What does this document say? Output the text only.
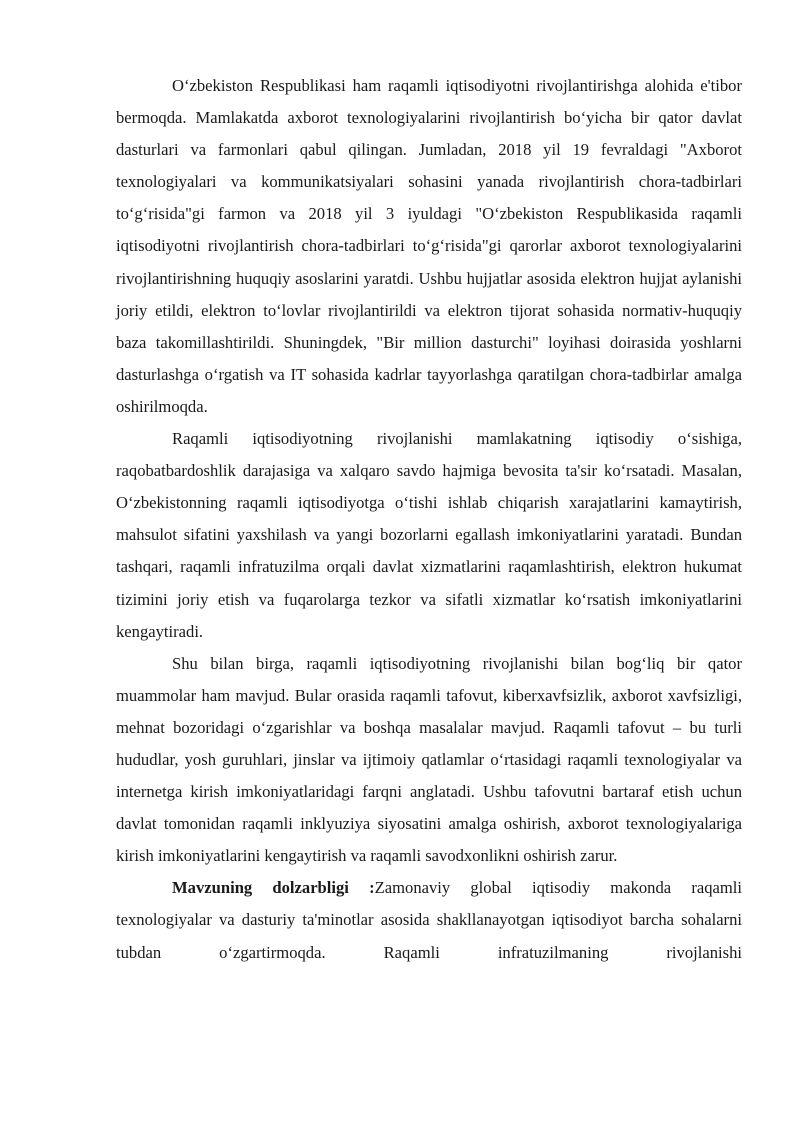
O‘zbekiston Respublikasi ham raqamli iqtisodiyotni rivojlantirishga alohida e'tibor bermoqda. Mamlakatda axborot texnologiyalarini rivojlantirish bo‘yicha bir qator davlat dasturlari va farmonlari qabul qilingan. Jumladan, 2018 yil 19 fevraldagi "Axborot texnologiyalari va kommunikatsiyalari sohasini yanada rivojlantirish chora-tadbirlari to‘g‘risida"gi farmon va 2018 yil 3 iyuldagi "O‘zbekiston Respublikasida raqamli iqtisodiyotni rivojlantirish chora-tadbirlari to‘g‘risida"gi qarorlar axborot texnologiyalarini rivojlantirishning huquqiy asoslarini yaratdi. Ushbu hujjatlar asosida elektron hujjat aylanishi joriy etildi, elektron to‘lovlar rivojlantirildi va elektron tijorat sohasida normativ-huquqiy baza takomillashtirildi. Shuningdek, "Bir million dasturchi" loyihasi doirasida yoshlarni dasturlashga o‘rgatish va IT sohasida kadrlar tayyorlashga qaratilgan chora-tadbirlar amalga oshirilmoqda.

Raqamli iqtisodiyotning rivojlanishi mamlakatning iqtisodiy o‘sishiga, raqobatbardoshlik darajasiga va xalqaro savdo hajmiga bevosita ta'sir ko‘rsatadi. Masalan, O‘zbekistonning raqamli iqtisodiyotga o‘tishi ishlab chiqarish xarajatlarini kamaytirish, mahsulot sifatini yaxshilash va yangi bozorlarni egallash imkoniyatlarini yaratadi. Bundan tashqari, raqamli infratuzilma orqali davlat xizmatlarini raqamlashtirish, elektron hukumat tizimini joriy etish va fuqarolarga tezkor va sifatli xizmatlar ko‘rsatish imkoniyatlarini kengaytiradi.

Shu bilan birga, raqamli iqtisodiyotning rivojlanishi bilan bog‘liq bir qator muammolar ham mavjud. Bular orasida raqamli tafovut, kiberxavfsizlik, axborot xavfsizligi, mehnat bozoridagi o‘zgarishlar va boshqa masalalar mavjud. Raqamli tafovut – bu turli hududlar, yosh guruhlari, jinslar va ijtimoiy qatlamlar o‘rtasidagi raqamli texnologiyalar va internetga kirish imkoniyatlaridagi farqni anglatadi. Ushbu tafovutni bartaraf etish uchun davlat tomonidan raqamli inklyuziya siyosatini amalga oshirish, axborot texnologiyalariga kirish imkoniyatlarini kengaytirish va raqamli savodxonlikni oshirish zarur.

Mavzuning dolzarbligi :Zamonaviy global iqtisodiy makonda raqamli texnologiyalar va dasturiy ta'minotlar asosida shakllanayotgan iqtisodiyot barcha sohalarni tubdan o‘zgartirmoqda. Raqamli infratuzilmaning rivojlanishi
